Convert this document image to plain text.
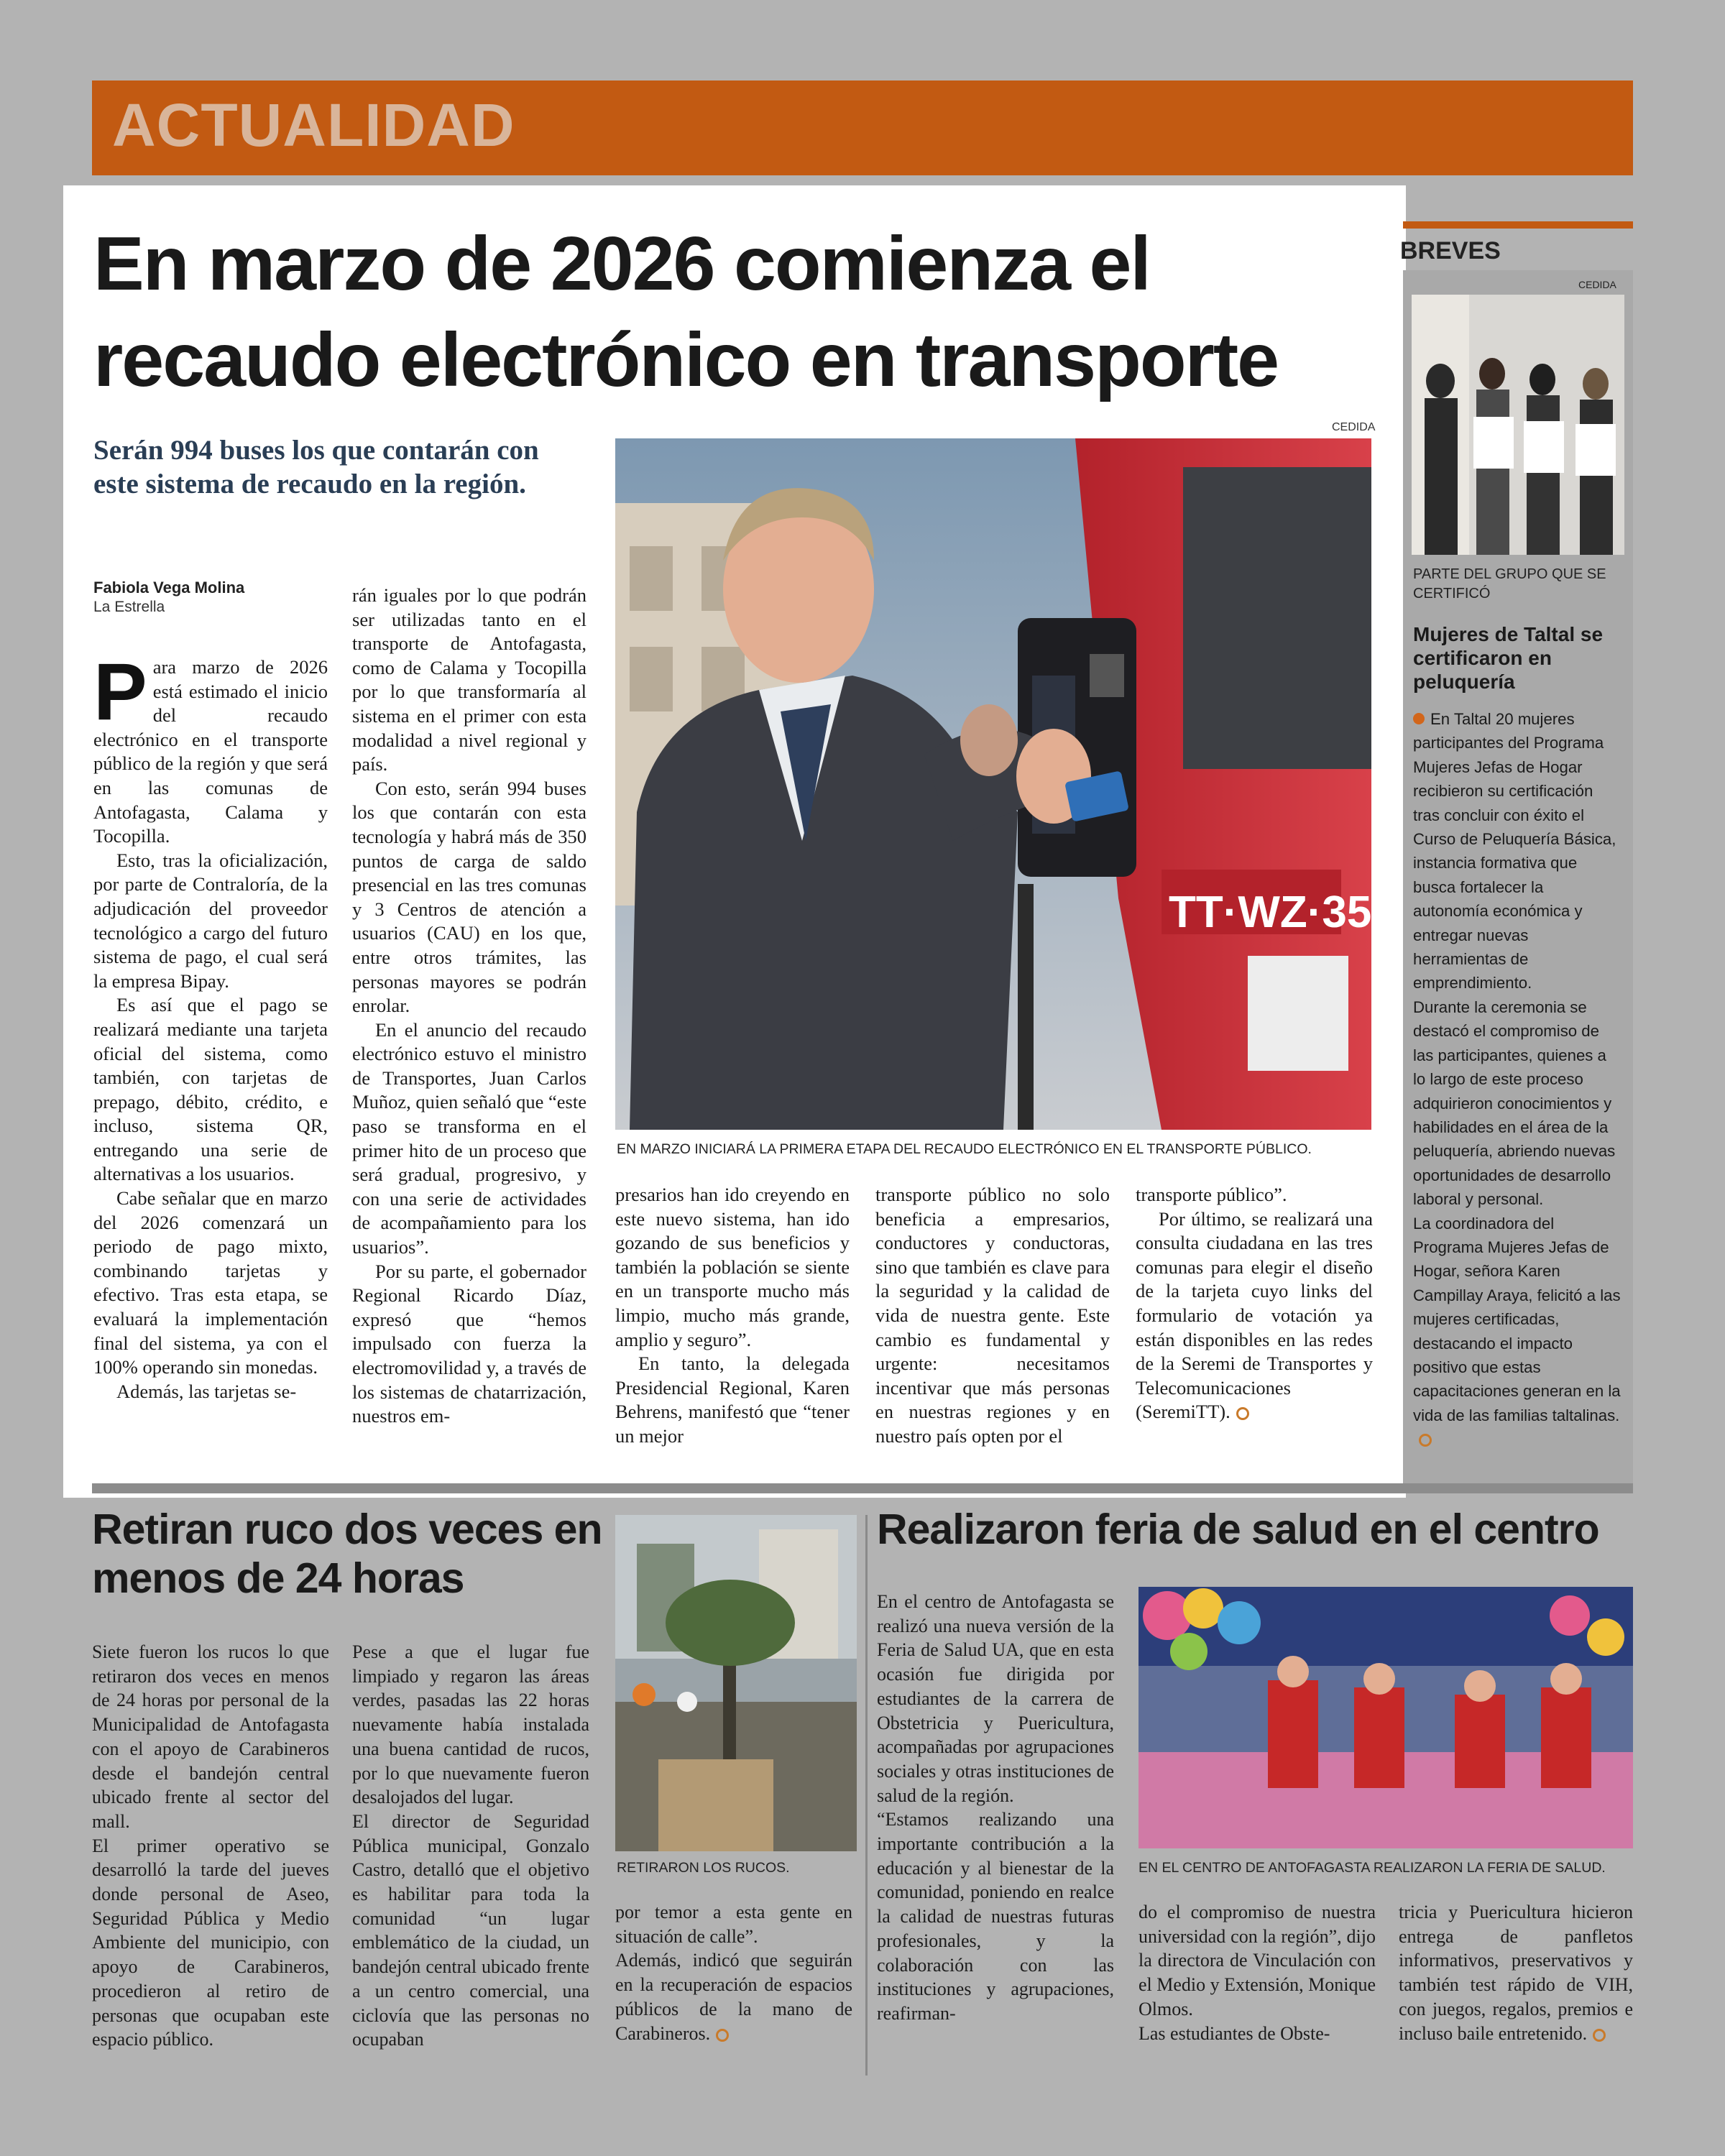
ACTUALIDAD
En marzo de 2026 comienza el
recaudo electrónico en transporte
Serán 994 buses los que contarán con este sistema de recaudo en la región.
Fabiola Vega Molina
La Estrella

Para marzo de 2026 está estimado el inicio del recaudo electrónico en el transporte público de la región y que será en las comunas de Antofagasta, Calama y Tocopilla.

Esto, tras la oficialización, por parte de Contraloría, de la adjudicación del proveedor tecnológico a cargo del futuro sistema de pago, el cual será la empresa Bipay.

Es así que el pago se realizará mediante una tarjeta oficial del sistema, como también, con tarjetas de prepago, débito, crédito, e incluso, sistema QR, entregando una serie de alternativas a los usuarios.

Cabe señalar que en marzo del 2026 comenzará un periodo de pago mixto, combinando tarjetas y efectivo. Tras esta etapa, se evaluará la implementación final del sistema, ya con el 100% operando sin monedas.

Además, las tarjetas se-

rán iguales por lo que podrán ser utilizadas tanto en el transporte de Antofagasta, como de Calama y Tocopilla por lo que transformaría al sistema en el primer con esta modalidad a nivel regional y país.

Con esto, serán 994 buses los que contarán con esta tecnología y habrá más de 350 puntos de carga de saldo presencial en las tres comunas y 3 Centros de atención a usuarios (CAU) en los que, entre otros trámites, las personas mayores se podrán enrolar.

En el anuncio del recaudo electrónico estuvo el ministro de Transportes, Juan Carlos Muñoz, quien señaló que “este paso se transforma en el primer hito de un proceso que será gradual, progresivo, y con una serie de actividades de acompañamiento para los usuarios”.

Por su parte, el gobernador Regional Ricardo Díaz, expresó que “hemos impulsado con fuerza la electromovilidad y, a través de los sistemas de chatarrización, nuestros em-

presarios han ido creyendo en este nuevo sistema, han ido gozando de sus beneficios y también la población se siente en un transporte mucho más limpio, mucho más grande, amplio y seguro”.

En tanto, la delegada Presidencial Regional, Karen Behrens, manifestó que “tener un mejor

transporte público no solo beneficia a empresarios, conductores y conductoras, sino que también es clave para la seguridad y la calidad de vida de nuestra gente. Este cambio es fundamental y urgente: necesitamos incentivar que más personas en nuestras regiones y en nuestro país opten por el

transporte público”.

Por último, se realizará una consulta ciudadana en las tres comunas para elegir el diseño de la tarjeta cuyo links del formulario de votación ya están disponibles en las redes de la Seremi de Transportes y Telecomunicaciones (SeremiTT).

CEDIDA
TT·WZ·35
EN MARZO INICIARÁ LA PRIMERA ETAPA DEL RECAUDO ELECTRÓNICO EN EL TRANSPORTE PÚBLICO.
BREVES
CEDIDA
PARTE DEL GRUPO QUE SE CERTIFICÓ
Mujeres de Taltal se certificaron en peluquería

En Taltal 20 mujeres participantes del Programa Mujeres Jefas de Hogar recibieron su certificación tras concluir con éxito el Curso de Peluquería Básica, instancia formativa que busca fortalecer la autonomía económica y entregar nuevas herramientas de emprendimiento.

Durante la ceremonia se destacó el compromiso de las participantes, quienes a lo largo de este proceso adquirieron conocimientos y habilidades en el área de la peluquería, abriendo nuevas oportunidades de desarrollo laboral y personal.

La coordinadora del Programa Mujeres Jefas de Hogar, señora Karen Campillay Araya, felicitó a las mujeres certificadas, destacando el impacto positivo que estas capacitaciones generan en la vida de las familias taltalinas.

Retiran ruco dos veces en menos de 24 horas

Siete fueron los rucos lo que retiraron dos veces en menos de 24 horas por personal de la Municipalidad de Antofagasta con el apoyo de Carabineros desde el bandejón central ubicado frente al sector del mall.

El primer operativo se desarrolló la tarde del jueves donde personal de Aseo, Seguridad Pública y Medio Ambiente del municipio, con apoyo de Carabineros, procedieron al retiro de personas que ocupaban este espacio público.

Pese a que el lugar fue limpiado y regaron las áreas verdes, pasadas las 22 horas nuevamente había instalada una buena cantidad de rucos, por lo que nuevamente fueron desalojados del lugar.

El director de Seguridad Pública municipal, Gonzalo Castro, detalló que el objetivo es habilitar para toda la comunidad “un lugar emblemático de la ciudad, un bandejón central ubicado frente a un centro comercial, una ciclovía que las personas no ocupaban

RETIRARON LOS RUCOS.

por temor a esta gente en situación de calle”.

Además, indicó que seguirán en la recuperación de espacios públicos de la mano de Carabineros.

Realizaron feria de salud en el centro

En el centro de Antofagasta se realizó una nueva versión de la Feria de Salud UA, que en esta ocasión fue dirigida por estudiantes de la carrera de Obstetricia y Puericultura, acompañadas por agrupaciones sociales y otras instituciones de salud de la región.

“Estamos realizando una importante contribución a la educación y al bienestar de la comunidad, poniendo en realce la calidad de nuestras futuras profesionales, y la colaboración con las instituciones y agrupaciones, reafirman-

EN EL CENTRO DE ANTOFAGASTA REALIZARON LA FERIA DE SALUD.

do el compromiso de nuestra universidad con la región”, dijo la directora de Vinculación con el Medio y Extensión, Monique Olmos.

Las estudiantes de Obste-

tricia y Puericultura hicieron entrega de panfletos informativos, preservativos y también test rápido de VIH, con juegos, regalos, premios e incluso baile entretenido.
